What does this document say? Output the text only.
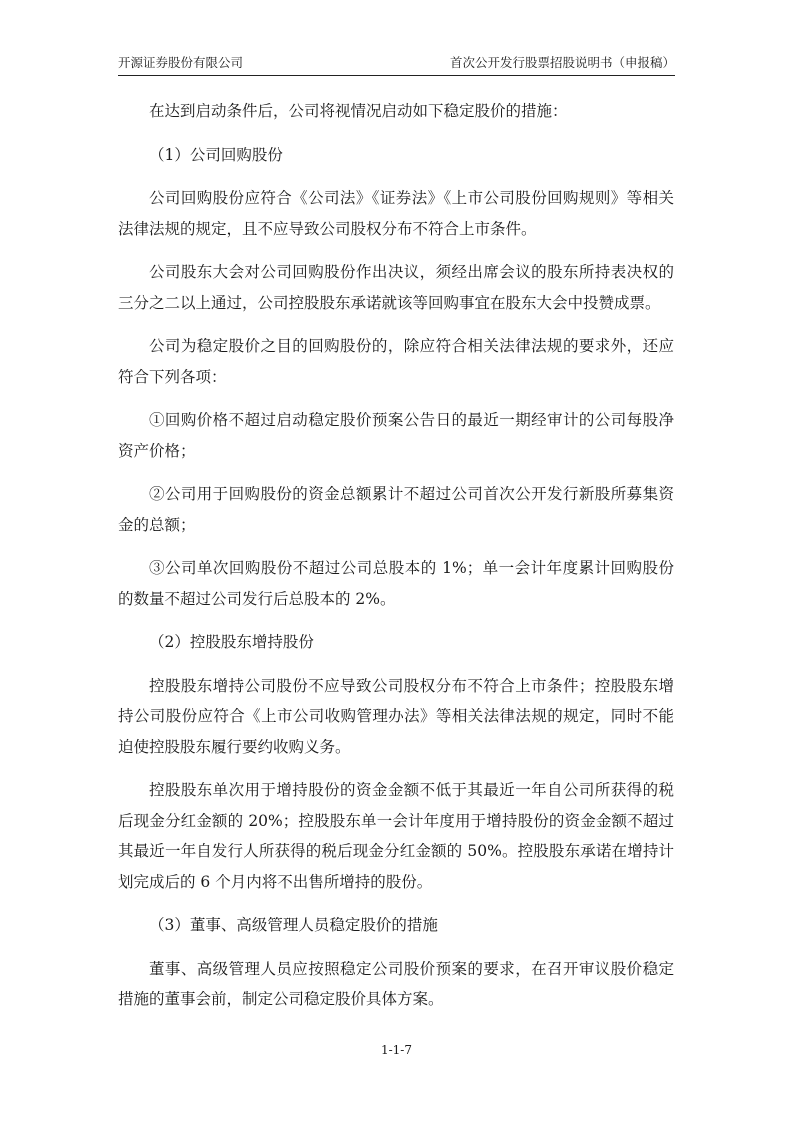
开源证券股份有限公司	首次公开发行股票招股说明书（申报稿）

在达到启动条件后，公司将视情况启动如下稳定股价的措施：

（1）公司回购股份

公司回购股份应符合《公司法》《证券法》《上市公司股份回购规则》等相关法律法规的规定，且不应导致公司股权分布不符合上市条件。

公司股东大会对公司回购股份作出决议，须经出席会议的股东所持表决权的三分之二以上通过，公司控股股东承诺就该等回购事宜在股东大会中投赞成票。

公司为稳定股价之目的回购股份的，除应符合相关法律法规的要求外，还应符合下列各项：

①回购价格不超过启动稳定股价预案公告日的最近一期经审计的公司每股净资产价格；

②公司用于回购股份的资金总额累计不超过公司首次公开发行新股所募集资金的总额；

③公司单次回购股份不超过公司总股本的 1%；单一会计年度累计回购股份的数量不超过公司发行后总股本的 2%。

（2）控股股东增持股份

控股股东增持公司股份不应导致公司股权分布不符合上市条件；控股股东增持公司股份应符合《上市公司收购管理办法》等相关法律法规的规定，同时不能迫使控股股东履行要约收购义务。

控股股东单次用于增持股份的资金金额不低于其最近一年自公司所获得的税后现金分红金额的 20%；控股股东单一会计年度用于增持股份的资金金额不超过其最近一年自发行人所获得的税后现金分红金额的 50%。控股股东承诺在增持计划完成后的 6 个月内将不出售所增持的股份。

（3）董事、高级管理人员稳定股价的措施

董事、高级管理人员应按照稳定公司股价预案的要求，在召开审议股价稳定措施的董事会前，制定公司稳定股价具体方案。

1-1-7
